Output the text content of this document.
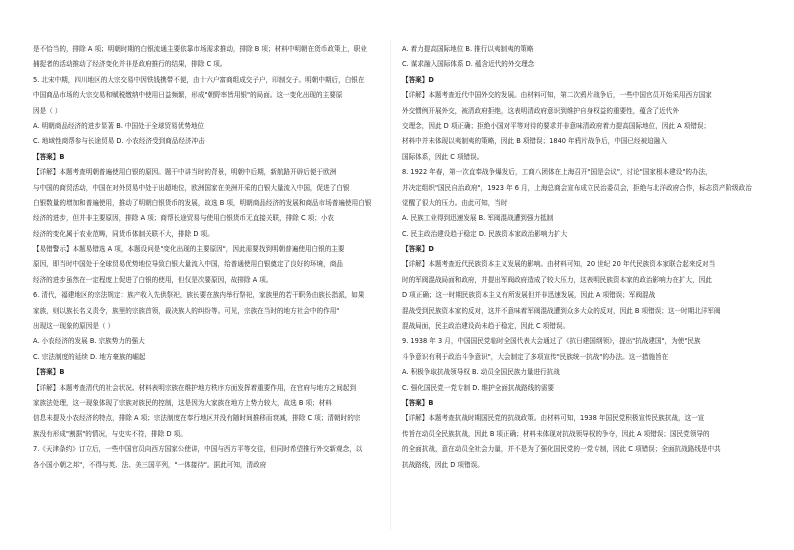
是不恰当的，排除 A 项；明朝时期的白银流通主要依靠市场需求推动，排除 B 项；材料中明朝在货币政策上，职业
捕捉者的活动推动了经济变化并非是政府推行的结果，排除 C 项。
5. 北宋中期，四川地区的大宗交易中因铁钱携带不便，由十六户富商组成交子户，印制交子。明朝中期后，白银在
中国商品市场的大宗交易和赋税缴纳中使用日益频繁，形成"朝野率皆用银"的局面。这一变化出现的主要原
因是（ ）
A. 明朝商品经济的进步显著 B. 中国处于全球贸易优势地位
C. 地域性商帮参与长途贸易 D. 小农经济受到商品经济冲击
【答案】B
【详解】本题考查明朝普遍使用白银的原因。题干中讲当时的背景，明朝中后期，新航路开辟后便于欧洲
与中国的商贸活动，中国在对外贸易中处于出超地位，欧洲国家在美洲开采的白银大量流入中国，促进了白银
白银数量的增加和普遍使用，推动了明朝白银货币的发展，故选 B 项，明朝商品经济的发展和商品市场普遍使用白银
经济的进步，但并非主要原因，排除 A 项；商帮长途贸易与使用白银货币无直接关联，排除 C 项；小农
经济的变化属于农业范畴，同货币体制关联不大，排除 D 项。
【易错警示】本题易错选 A 项，本题设问是"变化出现的主要原因"，因此需要找到明朝普遍使用白银的主要
原因，即当时中国处于全球贸易优势地位导致白银大量流入中国，给普通使用白银奠定了良好的环境，商品
经济的进步虽然在一定程度上促进了白银的使用，但仅是次要原因，故排除 A 项。
6. 清代，福建地区的宗法规定：族产收入先供祭祀，族长要在族内举行祭祀，家族里的若干职务由族长指派，如果
家族，则以族长名义责令，族里的宗族首领，裁决族人的纠纷等。可见，宗族在当时的地方社会中的作用"
出现这一现象的原因是（ ）
A. 小农经济的发展 B. 宗族势力的强大
C. 宗法制度的延续 D. 地方豪族的崛起
【答案】B
【详解】本题考查清代的社会状况。材料表明宗族在维护地方秩序方面发挥着重要作用，在官府与地方之间起到
家族法处理，这一现象体现了宗族对族民的控制，这是因为大家族在地方上势力较大，故选 B 项；材料
信息未提及小农经济的特点，排除 A 项；宗法制度在奉行地区并没有随时间推移而衰减，排除 C 项；清朝时的宗
族没有形成"割据"的情况，与史实不符，排除 D 项。
7.《天津条约》订立后，一些中国官员向西方国家公使讲，中国与西方平等交往，但同时希望推行外交新观念，以
各小国小朝之邦"，不得与英、法、美三国平列，"一体接待"。据此可知，清政府
A. 着力提高国际地位 B. 推行以夷制夷的策略
C. 谋求融入国际体系 D. 蕴含近代的外交理念
【答案】D
【详解】本题考查近代中国外交的发展。由材料可知，第二次鸦片战争后，一些中国官员开始采用西方国家
外交惯例开展外交，被清政府拒绝，这表明清政府意识到维护自身权益的重要性，蕴含了近代外
交理念，因此 D 项正确；拒绝小国对平等对待的要求并非意味清政府着力提高国际地位，因此 A 项错误；
材料中并未体现以夷制夷的策略，因此 B 项错误；1840 年鸦片战争后，中国已经被迫融入
国际体系，因此 C 项错误。
8. 1922 年春，第一次直奉战争爆发后，工商八团体在上海召开"国是会议"，讨论"国家根本建设"的办法，
并决定组织"国民自治政府"，1923 年 6 月，上海总商会宣布成立民治委员会，拒绝与北洋政府合作，标志资产阶级政治
觉醒了很大的压力。由此可知，当时
A. 民族工业得到迅速发展 B. 军阀混战遭到强力抵制
C. 民主政治建设趋于稳定 D. 民族资本家政治影响力扩大
【答案】D
【详解】本题考查近代民族资本主义发展的影响。由材料可知，20 世纪 20 年代民族资本家联合起来反对当
时的军阀混战局面和政府，并提出军阀政府造成了较大压力，这表明民族资本家的政治影响力在扩大，因此
D 项正确；这一时期民族资本主义有所发展但并非迅速发展，因此 A 项错误；军阀混战
混战受到民族资本家的反对，这并不意味着军阀混战遭到众多大众的反对，因此 B 项错误；这一时期北洋军阀
混战局面，民主政治建设尚未趋于稳定，因此 C 项错误。
9. 1938 年 3 月，中国国民党临时全国代表大会通过了《抗日建国纲领》，提出"抗战建国"，为使"民族
斗争意识有利于政治斗争意识"，大会制定了多项宣传"民族统一抗战"的办法。这一措施旨在
A. 积极争取抗战领导权 B. 动员全国民族力量进行抗战
C. 强化国民党一党专制 D. 维护全面抗战路线的需要
【答案】B
【详解】本题考查抗战时期国民党的抗战政策。由材料可知，1938 年国民党积极宣传民族抗战，这一宣
传旨在动员全民族抗战，因此 B 项正确；材料未体现对抗战领导权的争夺，因此 A 项错误；国民党领导的
的全面抗战，意在动员全社会力量，并不是为了强化国民党的一党专制，因此 C 项错误；全面抗战路线是中共
抗战路线，因此 D 项错误。
